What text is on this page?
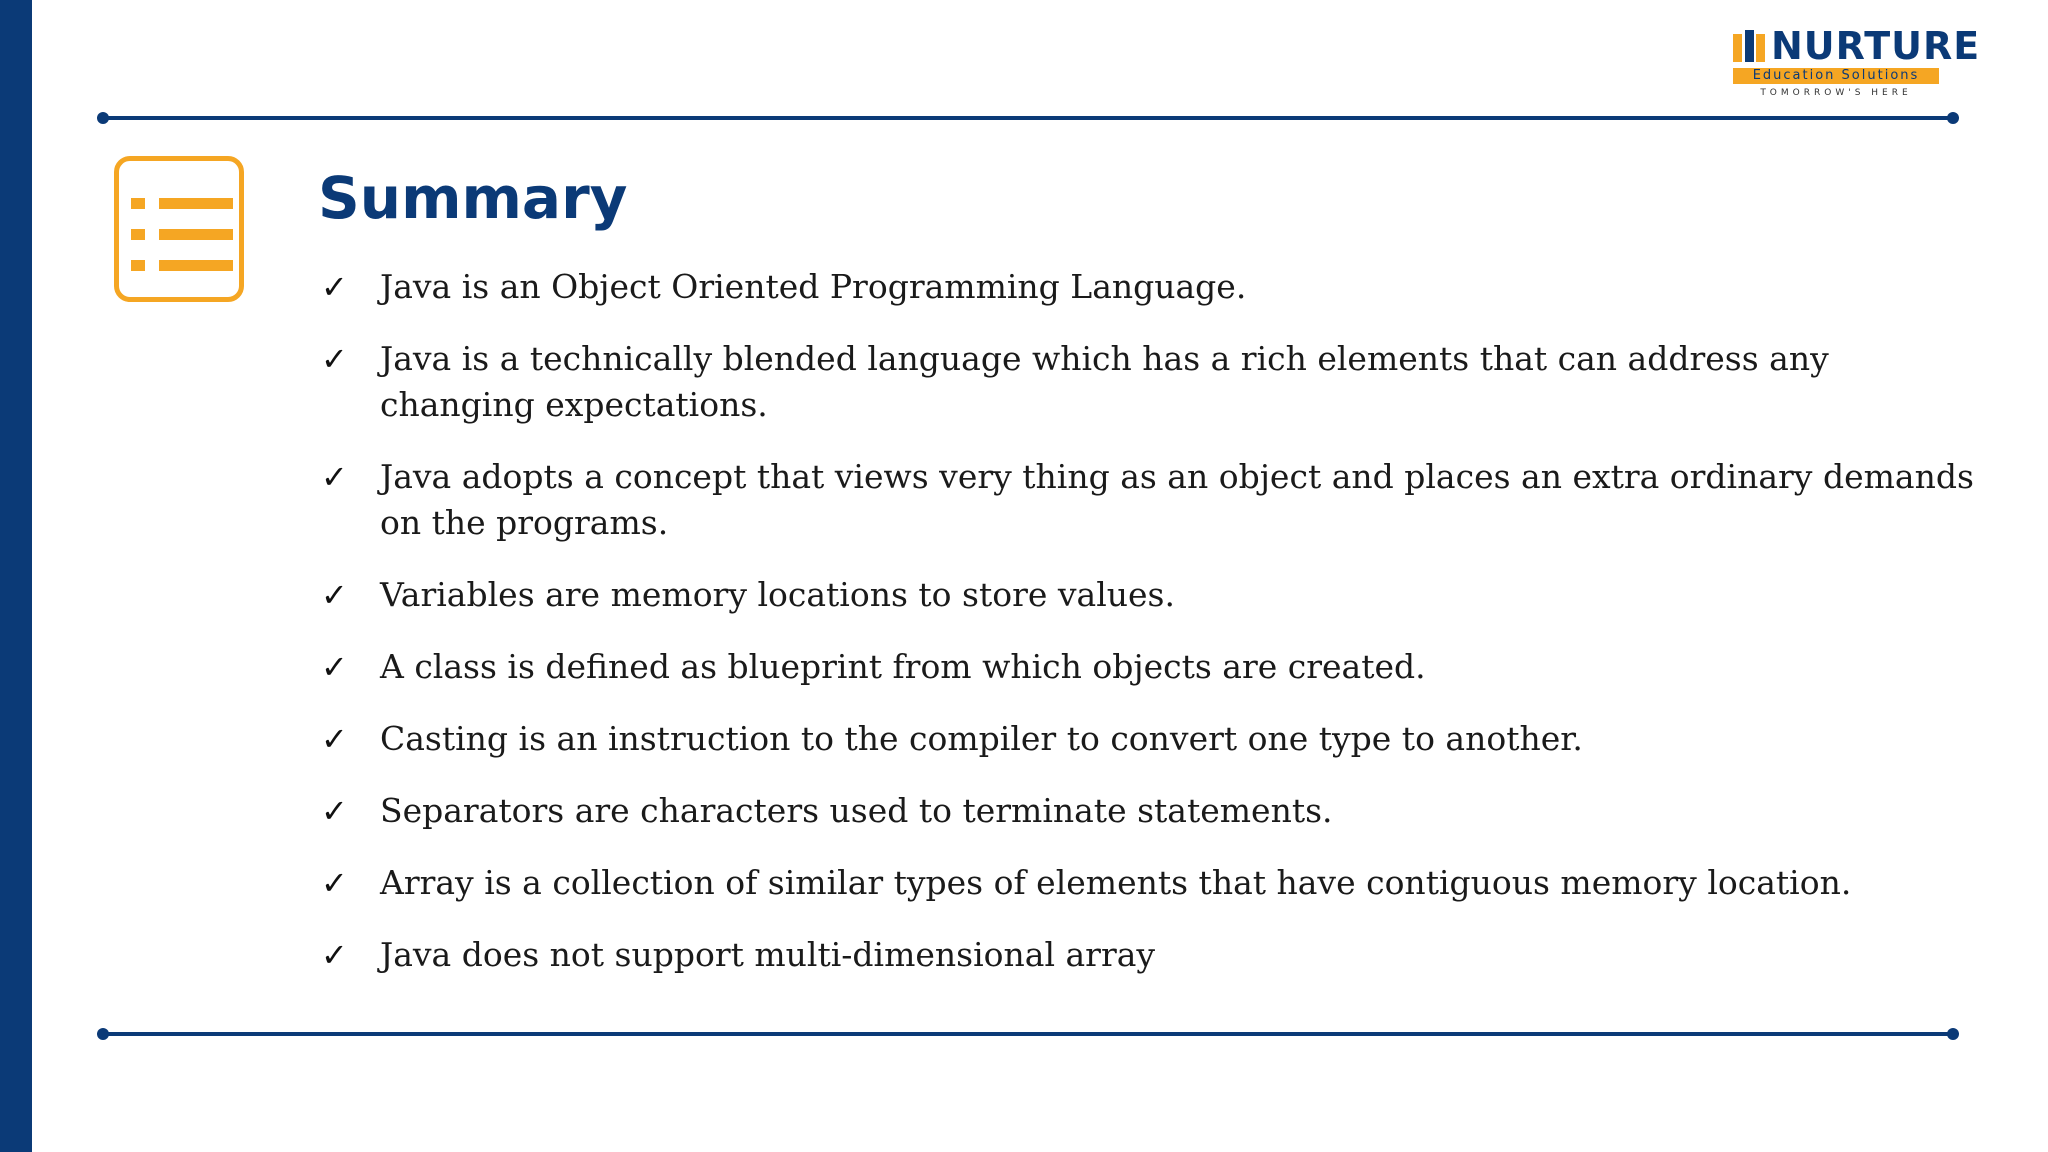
NURTURE
Education Solutions
TOMORROW'S HERE
Summary
✓ Java is an Object Oriented Programming Language.
✓ Java is a technically blended language which has a rich elements that can address any changing expectations.
✓ Java adopts a concept that views very thing as an object and places an extra ordinary demands on the programs.
✓ Variables are memory locations to store values.
✓ A class is defined as blueprint from which objects are created.
✓ Casting is an instruction to the compiler to convert one type to another.
✓ Separators are characters used to terminate statements.
✓ Array is a collection of similar types of elements that have contiguous memory location.
✓ Java does not support multi-dimensional array
